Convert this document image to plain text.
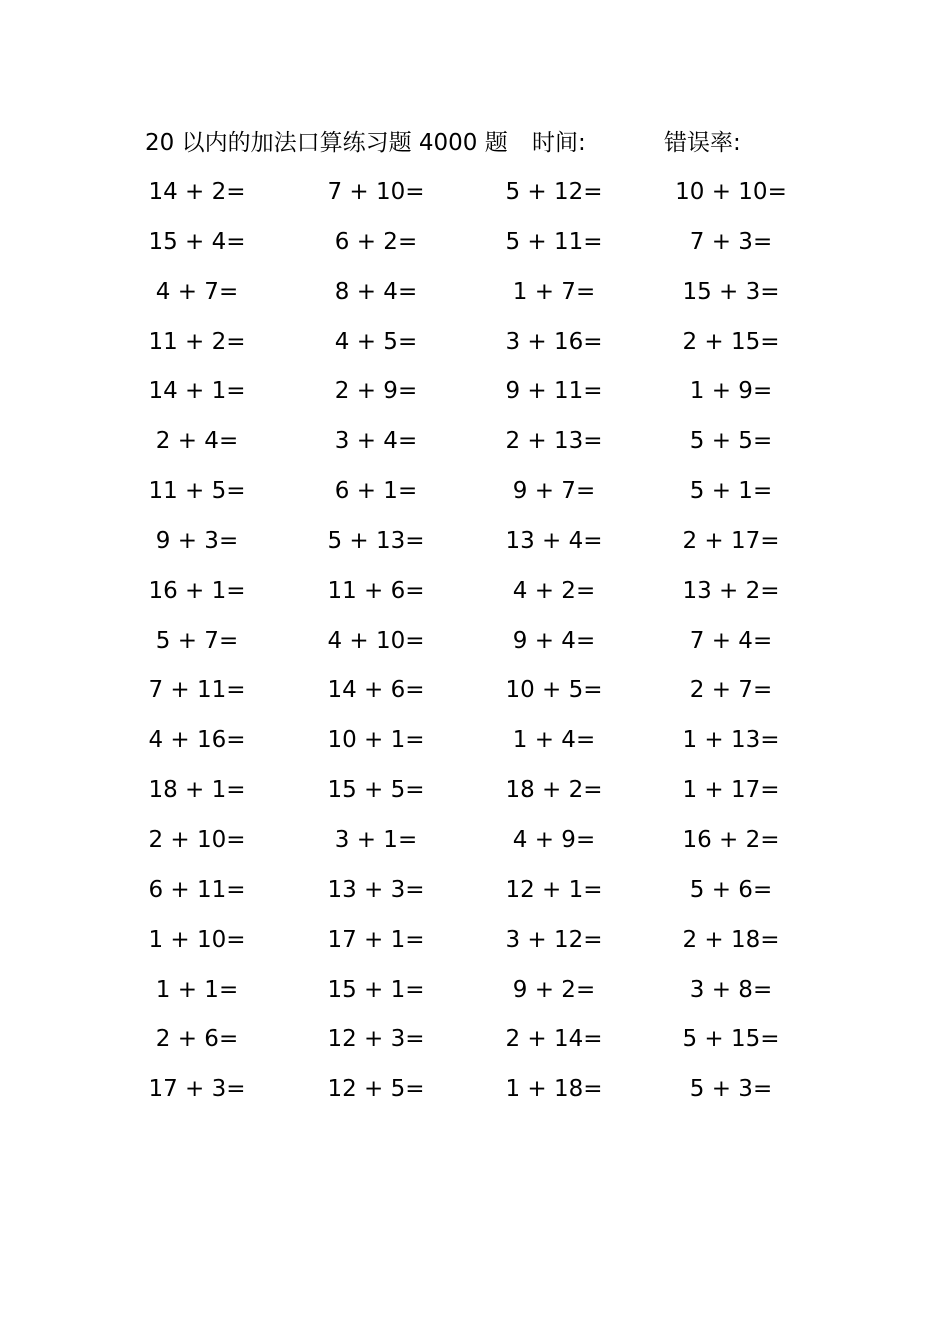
20 以内的加法口算练习题 4000 题 时间:	错误率:
14 + 2=	7 + 10=	5 + 12=	10 + 10=
15 + 4=	6 + 2=	5 + 11=	7 + 3=
4 + 7=	8 + 4=	1 + 7=	15 + 3=
11 + 2=	4 + 5=	3 + 16=	2 + 15=
14 + 1=	2 + 9=	9 + 11=	1 + 9=
2 + 4=	3 + 4=	2 + 13=	5 + 5=
11 + 5=	6 + 1=	9 + 7=	5 + 1=
9 + 3=	5 + 13=	13 + 4=	2 + 17=
16 + 1=	11 + 6=	4 + 2=	13 + 2=
5 + 7=	4 + 10=	9 + 4=	7 + 4=
7 + 11=	14 + 6=	10 + 5=	2 + 7=
4 + 16=	10 + 1=	1 + 4=	1 + 13=
18 + 1=	15 + 5=	18 + 2=	1 + 17=
2 + 10=	3 + 1=	4 + 9=	16 + 2=
6 + 11=	13 + 3=	12 + 1=	5 + 6=
1 + 10=	17 + 1=	3 + 12=	2 + 18=
1 + 1=	15 + 1=	9 + 2=	3 + 8=
2 + 6=	12 + 3=	2 + 14=	5 + 15=
17 + 3=	12 + 5=	1 + 18=	5 + 3=
